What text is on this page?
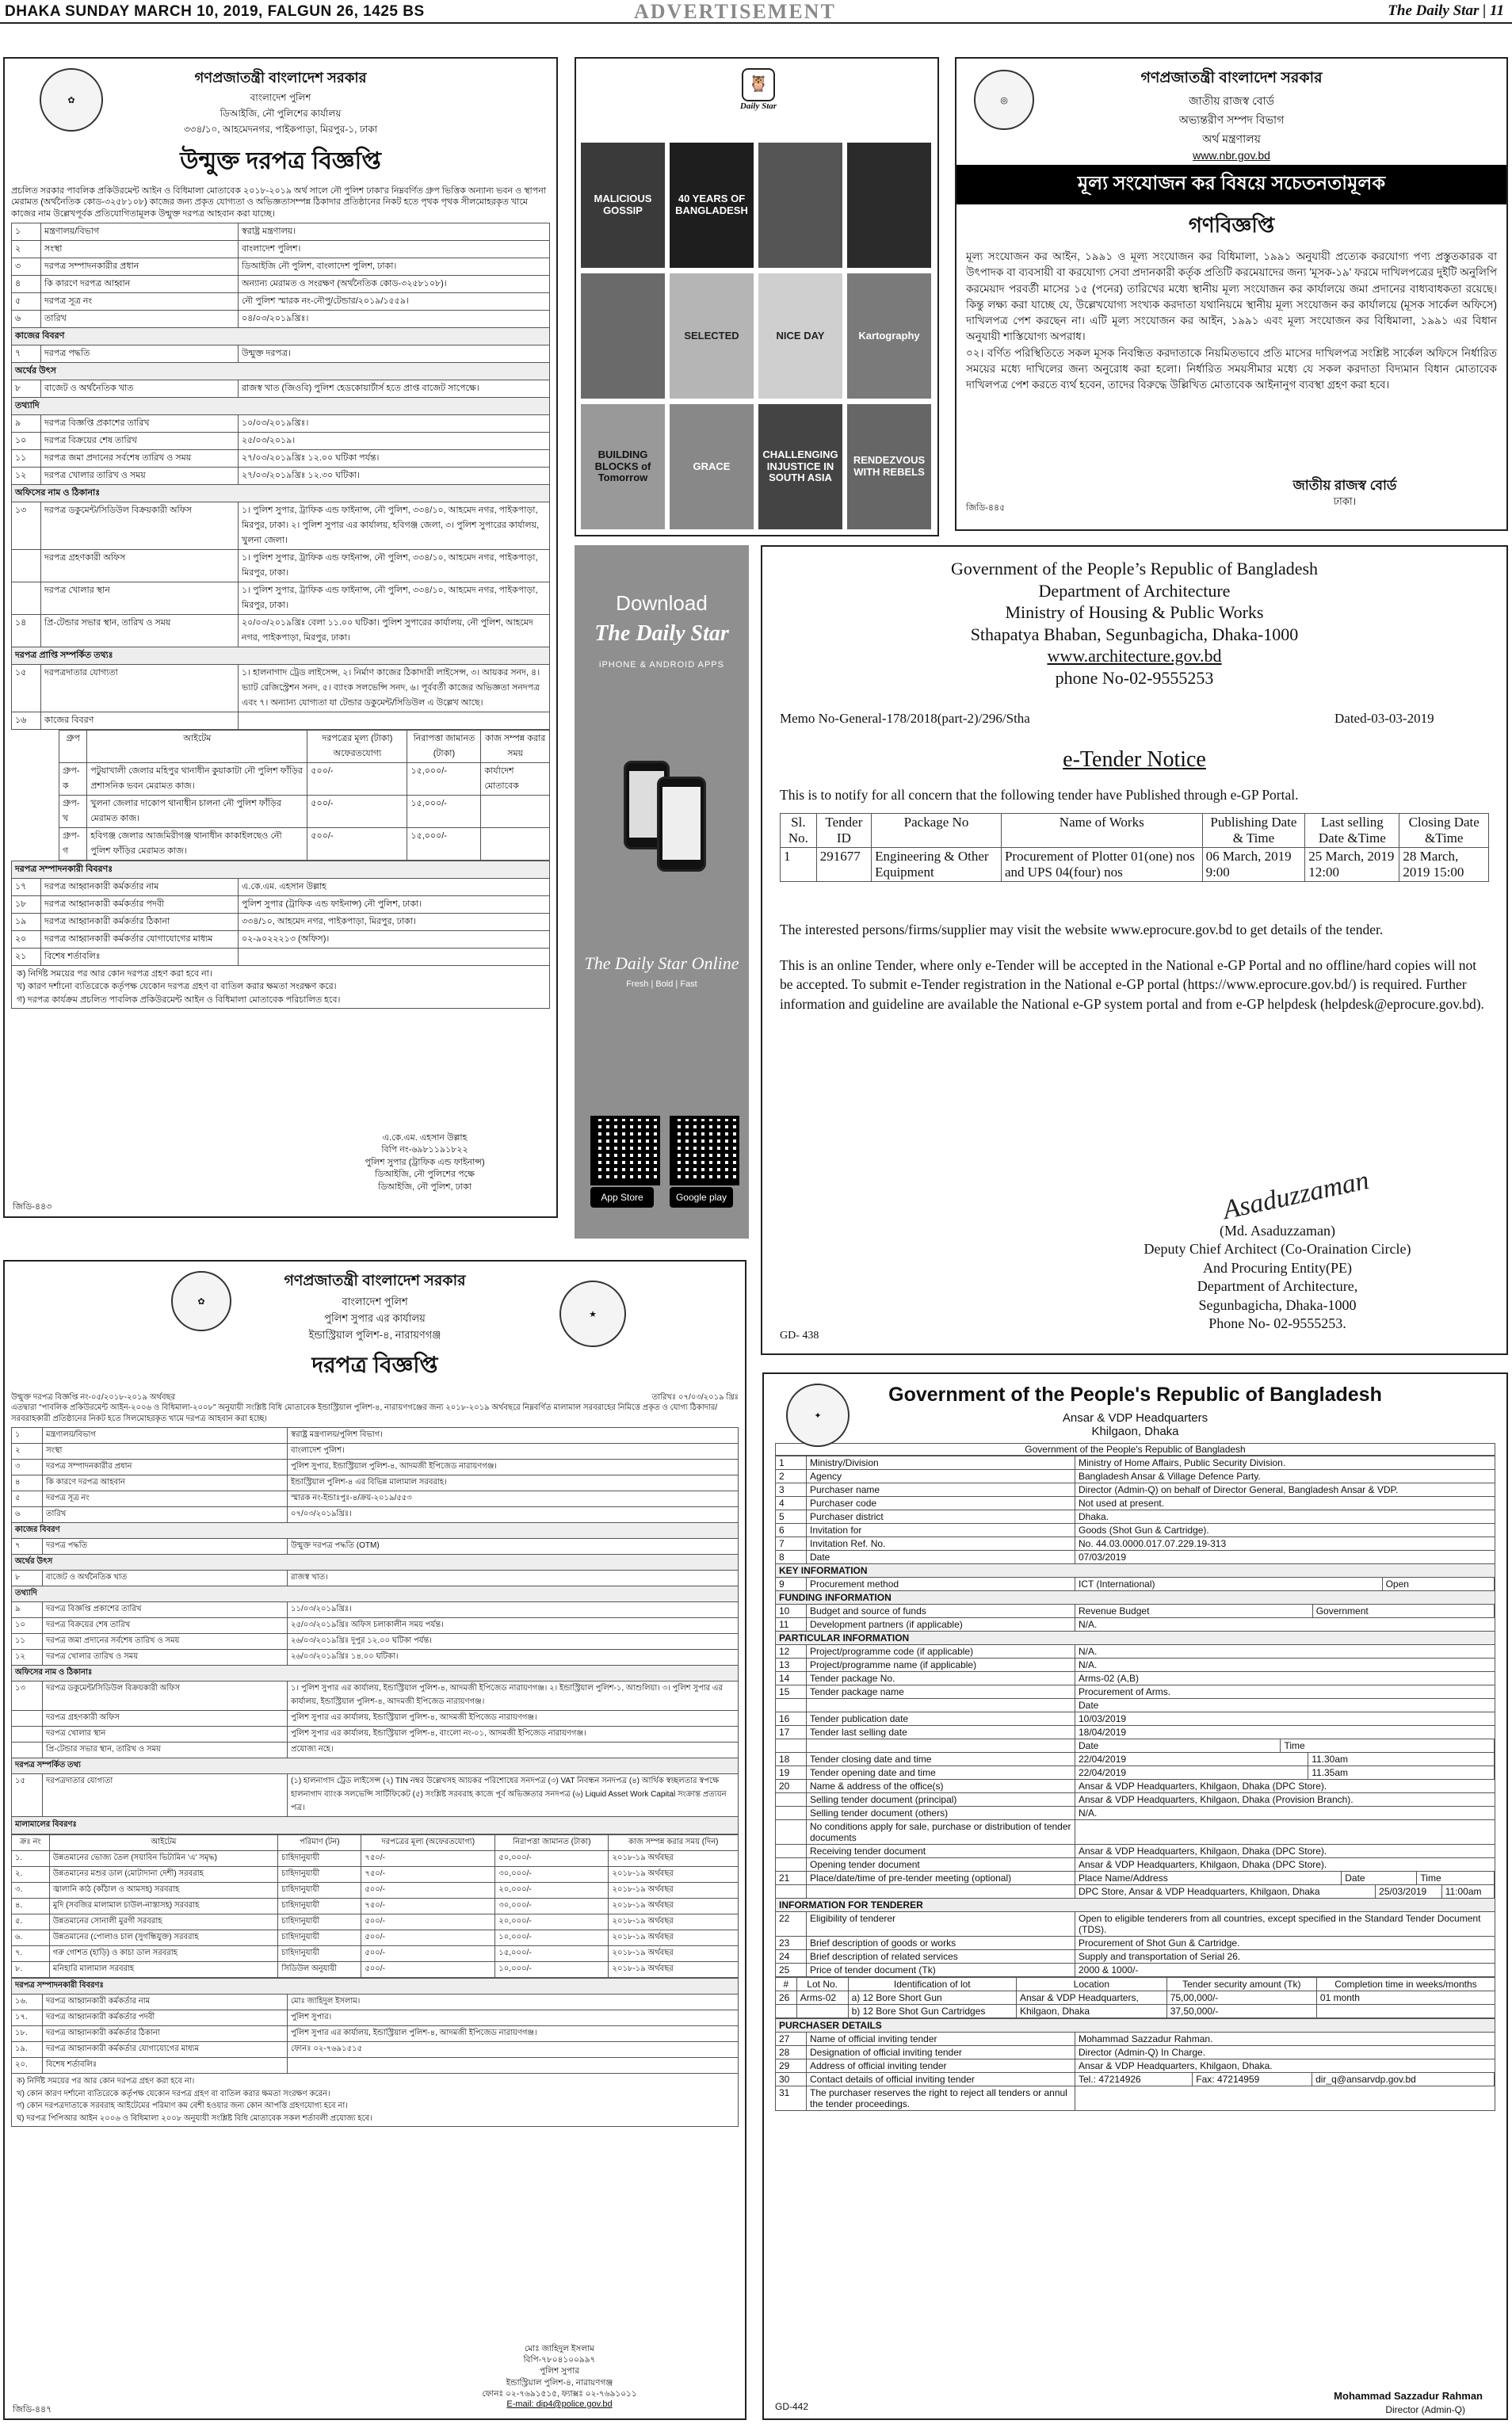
DHAKA SUNDAY MARCH 10, 2019, FALGUN 26, 1425 BS	ADVERTISEMENT	The Daily Star | 11
✿
গণপ্রজাতন্ত্রী বাংলাদেশ সরকার
বাংলাদেশ পুলিশ
ডিআইজি, নৌ পুলিশের কার্যালয়
৩৩৪/১০, আহমেদনগর, পাইকপাড়া, মিরপুর-১, ঢাকা
উন্মুক্ত দরপত্র বিজ্ঞপ্তি
প্রচলিত সরকার পাবলিক প্রকিউরমেন্ট আইন ও বিধিমালা মোতাবেক ২০১৮-২০১৯ অর্থ সালে নৌ পুলিশ ঢাকা'র নিম্নবর্ণিত গ্রুপ ভিত্তিক অন্যান্য ভবন ও স্থাপনা মেরামত (অর্থনৈতিক কোড-৩২৫৮১০৮) কাজের জন্য প্রকৃত যোগ্যতা ও অভিজ্ঞতাসম্পন্ন ঠিকাদার প্রতিষ্ঠানের নিকট হতে পৃথক পৃথক সীলমোহরকৃত খামে কাজের নাম উল্লেখপূর্বক প্রতিযোগিতামূলক উন্মুক্ত দরপত্র আহবান করা যাচ্ছে।
১	মন্ত্রণালয়/বিভাগ	স্বরাষ্ট্র মন্ত্রণালয়।
২	সংস্থা	বাংলাদেশ পুলিশ।
৩	দরপত্র সম্পাদনকারীর প্রধান	ডিআইজি নৌ পুলিশ, বাংলাদেশ পুলিশ, ঢাকা।
৪	কি কারণে দরপত্র আহ্বান	অন্যান্য মেরামত ও সংরক্ষণ (অর্থনৈতিক কোড-৩২৫৮১০৮)।
৫	দরপত্র সূত্র নং	নৌ পুলিশ স্মারক নং-নৌপু/টেন্ডার/২০১৯/১৫৫৯।
৬	তারিখ	০৪/০৩/২০১৯খ্রিঃ।
কাজের বিবরণ		
৭	দরপত্র পদ্ধতি	উন্মুক্ত দরপত্র।
অর্থের উৎস		
৮	বাজেট ও অর্থনৈতিক খাত	রাজস্ব খাত (জিওবি) পুলিশ হেডকোয়ার্টার্স হতে প্রাপ্ত বাজেট সাপেক্ষে।
তথ্যাদি		
৯	দরপত্র বিজ্ঞপ্তি প্রকাশের তারিখ	১০/০৩/২০১৯খ্রিঃ।
১০	দরপত্র বিক্রয়ের শেষ তারিখ	২৫/০৩/২০১৯।
১১	দরপত্র জমা প্রদানের সর্বশেষ তারিখ ও সময়	২৭/০৩/২০১৯খ্রিঃ ১২.০০ ঘটিকা পর্যন্ত।
১২	দরপত্র খোলার তারিখ ও সময়	২৭/০৩/২০১৯খ্রিঃ ১২.৩০ ঘটিকা।
অফিসের নাম ও ঠিকানাঃ		
১৩	দরপত্র ডকুমেন্ট/সিডিউল বিক্রয়কারী অফিস	১। পুলিশ সুপার, ট্রাফিক এন্ড ফাইনান্স, নৌ পুলিশ, ৩৩৪/১০, আহমেদ নগর, পাইকপাড়া, মিরপুর, ঢাকা। ২। পুলিশ সুপার এর কার্যালয়, হবিগঞ্জ জেলা, ৩। পুলিশ সুপারের কার্যালয়, খুলনা জেলা।
	দরপত্র গ্রহণকারী অফিস	১। পুলিশ সুপার, ট্রাফিক এন্ড ফাইনান্স, নৌ পুলিশ, ৩৩৪/১০, আহমেদ নগর, পাইকপাড়া, মিরপুর, ঢাকা।
	দরপত্র খোলার স্থান	১। পুলিশ সুপার, ট্রাফিক এন্ড ফাইনান্স, নৌ পুলিশ, ৩৩৪/১০, আহমেদ নগর, পাইকপাড়া, মিরপুর, ঢাকা।
১৪	প্রি-টেন্ডার সভার স্থান, তারিখ ও সময়	২০/০৩/২০১৯খ্রিঃ বেলা ১১.০০ ঘটিকা। পুলিশ সুপারের কার্যালয়, নৌ পুলিশ, আহমেদ নগর, পাইকপাড়া, মিরপুর, ঢাকা।
দরপত্র প্রাপ্তি সম্পর্কিত তথ্যঃ		
১৫	দরপত্রদাতার যোগ্যতা	১। হালনাগাদ ট্রেড লাইসেন্স, ২। নির্মাণ কাজের ঠিকাদারী লাইসেন্স, ৩। আয়কর সনদ, ৪। ভ্যাট রেজিস্ট্রেশন সনদ, ৫। ব্যাংক সলভেন্সি সনদ, ৬। পূর্ববর্তী কাজের অভিজ্ঞতা সনদপত্র এবং ৭। অন্যান্য যোগ্যতা যা টেন্ডার ডকুমেন্ট/সিডিউল এ উল্লেখ আছে।
১৬	কাজের বিবরণ	
গ্রুপ	আইটেম	দরপত্রের মূল্য (টাকা) অফেরতযোগ্য	নিরাপত্তা জামানত (টাকা)	কাজ সম্পন্ন করার সময়
গ্রুপ-ক	পটুয়াখালী জেলার মহিপুর থানাধীন কুয়াকাটা নৌ পুলিশ ফাঁড়ির প্রশাসনিক ভবন মেরামত কাজ।	৫০০/-	১৫,০০০/-	কার্যাদেশ মোতাবেক
গ্রুপ-খ	খুলনা জেলার দাকোপ থানাধীন চালনা নৌ পুলিশ ফাঁড়ির মেরামত কাজ।	৫০০/-	১৫,০০০/-	
গ্রুপ-গ	হবিগঞ্জ জেলার আজমিরীগঞ্জ থানাধীন কাকাইলছেও নৌ পুলিশ ফাঁড়ির মেরামত কাজ।	৫০০/-	১৫,০০০/-	
দরপত্র সম্পাদনকারী বিবরণঃ		
১৭	দরপত্র আহ্বানকারী কর্মকর্তার নাম	এ.কে.এম. এহসান উল্লাহ
১৮	দরপত্র আহ্বানকারী কর্মকর্তার পদবী	পুলিশ সুপার (ট্রাফিক এন্ড ফাইনান্স) নৌ পুলিশ, ঢাকা।
১৯	দরপত্র আহ্বানকারী কর্মকর্তার ঠিকানা	৩৩৪/১০, আহমেদ নগর, পাইকপাড়া, মিরপুর, ঢাকা।
২০	দরপত্র আহ্বানকারী কর্মকর্তার যোগাযোগের মাধ্যম	০২-৯০২২২১৩ (অফিস)।
২১	বিশেষ শর্তাবলিঃ	
ক) নির্দিষ্ট সময়ের পর আর কোন দরপত্র গ্রহণ করা হবে না।
খ) কারণ দর্শানো ব্যতিরেকে কর্তৃপক্ষ যেকোন দরপত্র গ্রহণ বা বাতিল করার ক্ষমতা সংরক্ষণ করে।
গ) দরপত্র কার্যক্রম প্রচলিত পাবলিক প্রকিউরমেন্ট আইন ও বিধিমালা মোতাবেক পরিচালিত হবে।
এ.কে.এম. এহসান উল্লাহ
বিপি নং-৬৯৮১১৯১৮২২
পুলিশ সুপার (ট্রাফিক এন্ড ফাইনান্স)
ডিআইজি, নৌ পুলিশের পক্ষে
ডিআইজি, নৌ পুলিশ, ঢাকা
জিডি-৪৪৩
🦉
Daily Star
MALICIOUS GOSSIP
40 YEARS OF BANGLADESH
SELECTED	NICE DAY	Kartography
BUILDING BLOCKS of Tomorrow
GRACE
CHALLENGING INJUSTICE IN SOUTH ASIA
RENDEZVOUS WITH REBELS
◎
গণপ্রজাতন্ত্রী বাংলাদেশ সরকার
জাতীয় রাজস্ব বোর্ড
অভ্যন্তরীণ সম্পদ বিভাগ
অর্থ মন্ত্রণালয়
www.nbr.gov.bd
মূল্য সংযোজন কর বিষয়ে সচেতনতামূলক
গণবিজ্ঞপ্তি
মূল্য সংযোজন কর আইন, ১৯৯১ ও মূল্য সংযোজন কর বিধিমালা, ১৯৯১ অনুযায়ী প্রত্যেক করযোগ্য পণ্য প্রস্তুতকারক বা উৎপাদক বা ব্যবসায়ী বা করযোগ্য সেবা প্রদানকারী কর্তৃক প্রতিটি করমেয়াদের জন্য 'মূসক-১৯' ফরমে দাখিলপত্রের দুইটি অনুলিপি করমেয়াদ পরবর্তী মাসের ১৫ (পনের) তারিখের মধ্যে স্থানীয় মূল্য সংযোজন কর কার্যালয়ে জমা প্রদানের বাধ্যবাধকতা রয়েছে। কিন্তু লক্ষ্য করা যাচ্ছে যে, উল্লেখযোগ্য সংখ্যক করদাতা যথানিয়মে স্থানীয় মূল্য সংযোজন কর কার্যালয়ে (মূসক সার্কেল অফিসে) দাখিলপত্র পেশ করছেন না। এটি মূল্য সংযোজন কর আইন, ১৯৯১ এবং মূল্য সংযোজন কর বিধিমালা, ১৯৯১ এর বিধান অনুযায়ী শাস্তিযোগ্য অপরাধ।
০২। বর্ণিত পরিস্থিতিতে সকল মূসক নিবন্ধিত করদাতাকে নিয়মিতভাবে প্রতি মাসের দাখিলপত্র সংশ্লিষ্ট সার্কেল অফিসে নির্ধারিত সময়ের মধ্যে দাখিলের জন্য অনুরোধ করা হলো। নির্ধারিত সময়সীমার মধ্যে যে সকল করদাতা বিদ্যমান বিধান মোতাবেক দাখিলপত্র পেশ করতে ব্যর্থ হবেন, তাদের বিরুদ্ধে উল্লিখিত মোতাবেক আইনানুগ ব্যবস্থা গ্রহণ করা হবে।
জাতীয় রাজস্ব বোর্ড
ঢাকা।
জিডি-৪৪৫
Download
The Daily Star
iPHONE & ANDROID APPS
The Daily Star Online
Fresh | Bold | Fast
App Store	Google play
Government of the People’s Republic of Bangladesh
Department of Architecture
Ministry of Housing & Public Works
Sthapatya Bhaban, Segunbagicha, Dhaka-1000
www.architecture.gov.bd
phone No-02-9555253
Memo No-General-178/2018(part-2)/296/Stha	Dated-03-03-2019
e-Tender Notice
This is to notify for all concern that the following tender have Published through e-GP Portal.
Sl. No.	Tender ID	Package No	Name of Works	Publishing Date & Time	Last selling Date &Time	Closing Date &Time
1	291677	Engineering & Other Equipment	Procurement of Plotter 01(one) nos and UPS 04(four) nos	06 March, 2019 9:00	25 March, 2019 12:00	28 March, 2019 15:00
The interested persons/firms/supplier may visit the website www.eprocure.gov.bd to get details of the tender.
This is an online Tender, where only e-Tender will be accepted in the National e-GP Portal and no offline/hard copies will not be accepted. To submit e-Tender registration in the National e-GP portal (https://www.eprocure.gov.bd/) is required. Further information and guideline are available the National e-GP system portal and from e-GP helpdesk (helpdesk@eprocure.gov.bd).
Asaduzzaman
(Md. Asaduzzaman)
Deputy Chief Architect (Co-Oraination Circle)
And Procuring Entity(PE)
Department of Architecture,
Segunbagicha, Dhaka-1000
Phone No- 02-9555253.
GD- 438
✿
★
গণপ্রজাতন্ত্রী বাংলাদেশ সরকার
বাংলাদেশ পুলিশ
পুলিশ সুপার এর কার্যালয়
ইন্ডাস্ট্রিয়াল পুলিশ-৪, নারায়ণগঞ্জ
দরপত্র বিজ্ঞপ্তি
উন্মুক্ত দরপত্র বিজ্ঞপ্তি নং-০৫/২০১৮-২০১৯ অর্থবছর	তারিখঃ ০৭/০৩/২০১৯ খ্রিঃ
এতদ্বারা "পাবলিক প্রকিউরমেন্ট আইন-২০০৬ ও বিধিমালা-২০০৮" অনুযায়ী সংশ্লিষ্ট বিধি মোতাবেক ইন্ডাস্ট্রিয়াল পুলিশ-৪, নারায়ণগঞ্জের জন্য ২০১৮-২০১৯ অর্থবছরে নিম্নবর্ণিত মালামাল সরবরাহের নিমিত্তে প্রকৃত ও যোগ্য ঠিকাদার/সরবরাহকারী প্রতিষ্ঠানের নিকট হতে সিলমোহরকৃত খামে দরপত্র আহবান করা হচ্ছে।
১	মন্ত্রণালয়/বিভাগ	স্বরাষ্ট্র মন্ত্রণালয়/পুলিশ বিভাগ।
২	সংস্থা	বাংলাদেশ পুলিশ।
৩	দরপত্র সম্পাদনকারীর প্রধান	পুলিশ সুপার, ইন্ডাস্ট্রিয়াল পুলিশ-৪, আদমজী ইপিজেড নারায়ণগঞ্জ।
৪	কি কারণে দরপত্র আহবান	ইন্ডাস্ট্রিয়াল পুলিশ-৪ এর বিভিন্ন মালামাল সরবরাহ।
৫	দরপত্র সূত্র নং	স্মারক নং-ইন্ডাঃপুঃ-৪/ক্রয়-২০১৯/৫৫৩
৬	তারিখ	০৭/০৩/২০১৯খ্রিঃ।
কাজের বিবরণ		
৭	দরপত্র পদ্ধতি	উন্মুক্ত দরপত্র পদ্ধতি (OTM)
অর্থের উৎস		
৮	বাজেট ও অর্থনৈতিক খাত	রাজস্ব খাত।
তথ্যাদি		
৯	দরপত্র বিজ্ঞপ্তি প্রকাশের তারিখ	১১/০৩/২০১৯খ্রিঃ।
১০	দরপত্র বিক্রয়ের শেষ তারিখ	২৫/০৩/২০১৯খ্রিঃ অফিস চলাকালীন সময় পর্যন্ত।
১১	দরপত্র জমা প্রদানের সর্বশেষ তারিখ ও সময়	২৬/০৩/২০১৯খ্রিঃ দুপুর ১২.০০ ঘটিকা পর্যন্ত।
১২	দরপত্র খোলার তারিখ ও সময়	২৬/০৩/২০১৯খ্রিঃ ১৪.০০ ঘটিকা।
অফিসের নাম ও ঠিকানাঃ		
১৩	দরপত্র ডকুমেন্ট/সিডিউল বিক্রয়কারী অফিস	১। পুলিশ সুপার এর কার্যালয়, ইন্ডাস্ট্রিয়াল পুলিশ-৪, আদমজী ইপিজেড নারায়ণগঞ্জ। ২। ইন্ডাস্ট্রিয়াল পুলিশ-১, আশুলিয়া। ৩। পুলিশ সুপার এর কার্যালয়, ইন্ডাস্ট্রিয়াল পুলিশ-৪, আদমজী ইপিজেড নারায়ণগঞ্জ।
	দরপত্র গ্রহণকারী অফিস	পুলিশ সুপার এর কার্যালয়, ইন্ডাস্ট্রিয়াল পুলিশ-৪, আদমজী ইপিজেড নারায়ণগঞ্জ।
	দরপত্র খোলার স্থান	পুলিশ সুপার এর কার্যালয়, ইন্ডাস্ট্রিয়াল পুলিশ-৪, বাংলো নং-০১, আদমজী ইপিজেড নারায়ণগঞ্জ।
	প্রি-টেন্ডার সভার স্থান, তারিখ ও সময়	প্রযোজ্য নহে।
দরপত্র সম্পর্কিত তথ্য		
১৫	দরপত্রদাতার যোগ্যতা	(১) হালনাগাদ ট্রেড লাইসেন্স (২) TIN নম্বর উল্লেখসহ আয়কর পরিশোধের সনদপত্র (৩) VAT নিবন্ধন সনদপত্র (৪) আর্থিক স্বচ্ছলতার স্বপক্ষে হালনাগাদ ব্যাংক সলভেন্সি সার্টিফিকেট (৫) সংশ্লিষ্ট সরবরাহ কাজে পূর্ব অভিজ্ঞতার সনদপত্র (৬) Liquid Asset Work Capital সংক্রান্ত প্রত্যয়ন পত্র।
মালামালের বিবরণঃ
ক্রঃ নং	আইটেম	পরিমাণ (টন)	দরপত্রের মূল্য (অফেরতযোগ্য)	নিরাপত্তা জামানত (টাকা)	কাজ সম্পন্ন করার সময় (দিন)
১.	উন্নতমানের ভোজ্য তৈল (সয়াবিন ভিটামিন 'এ' সমৃদ্ধ)	চাহিদানুযায়ী	৭৫০/-	৫০,০০০/-	২০১৮-১৯ অর্থবছর
২.	উন্নতমানের মশুর ডাল (মোটাদানা দেশী) সরবরাহ	চাহিদানুযায়ী	৭৫০/-	৩০,০০০/-	২০১৮-১৯ অর্থবছর
৩.	জ্বালানি কাঠ (কাঁঠাল ও আমসহ) সরবরাহ	চাহিদানুযায়ী	৫০০/-	২০,০০০/-	২০১৮-১৯ অর্থবছর
৪.	মুদি (সবজির মালামাল চাউল-নাস্তাসহ) সরবরাহ	চাহিদানুযায়ী	৭৫০/-	৩০,০০০/-	২০১৮-১৯ অর্থবছর
৫.	উন্নতমানের সোনালী মুরগী সরবরাহ	চাহিদানুযায়ী	৫০০/-	২০,০০০/-	২০১৮-১৯ অর্থবছর
৬.	উন্নতমানের (পোলাও চাল (সুগন্ধিযুক্ত) সরবরাহ	চাহিদানুযায়ী	৫০০/-	১০,০০০/-	২০১৮-১৯ অর্থবছর
৭.	গরু গোশত (হাড়ি) ও কাচা ডাল সরবরাহ	চাহিদানুযায়ী	৫০০/-	১৫,০০০/-	২০১৮-১৯ অর্থবছর
৮.	মনিহারি মালামাল সরবরাহ	সিডিউল অনুযায়ী	৫০০/-	১০,০০০/-	২০১৮-১৯ অর্থবছর
দরপত্র সম্পাদনকারী বিবরণঃ		
১৬.	দরপত্র আহ্বানকারী কর্মকর্তার নাম	মোঃ জাহিদুল ইসলাম।
১৭.	দরপত্র আহ্বানকারী কর্মকর্তার পদবী	পুলিশ সুপার।
১৮.	দরপত্র আহ্বানকারী কর্মকর্তার ঠিকানা	পুলিশ সুপার এর কার্যালয়, ইন্ডাস্ট্রিয়াল পুলিশ-৪, আদমজী ইপিজেড নারায়ণগঞ্জ।
১৯.	দরপত্র আহ্বানকারী কর্মকর্তার যোগাযোগের মাধ্যম	ফোনঃ ০২-৭৬৯১৫১৫
২০.	বিশেষ শর্তাবলিঃ	
ক) নির্দিষ্ট সময়ের পর আর কোন দরপত্র গ্রহণ করা হবে না।
খ) কোন কারণ দর্শানো ব্যতিরেকে কর্তৃপক্ষ যেকোন দরপত্র গ্রহণ বা বাতিল করার ক্ষমতা সংরক্ষণ করেন।
গ) কোন দরপত্রদাতাকে সরবরাহ আইটেমের পরিমাণ কম বেশী হওয়ার জন্য কোন আপত্তি গ্রহণযোগ্য হবে না।
ঘ) দরপত্র পিপিআর আইন ২০০৬ ও বিধিমালা ২০০৮ অনুযায়ী সংশ্লিষ্ট বিধি মোতাবেক সকল শর্তাবলী প্রযোজ্য হবে।
মোঃ জাহিদুল ইসলাম
বিপি-৭৮০৪১০০৯৯৭
পুলিশ সুপার
ইন্ডাস্ট্রিয়াল পুলিশ-৪, নারায়ণগঞ্জ
ফোনঃ ০২-৭৬৯১৫১৫, ফ্যাক্সঃ ০২-৭৬৯১০১১
E-mail: dip4@police.gov.bd
জিডি-৪৪৭
✦
Government of the People's Republic of Bangladesh
Ansar & VDP Headquarters
Khilgaon, Dhaka
Government of the People's Republic of Bangladesh
1	Ministry/Division	Ministry of Home Affairs, Public Security Division.
2	Agency	Bangladesh Ansar & Village Defence Party.
3	Purchaser name	Director (Admin-Q) on behalf of Director General, Bangladesh Ansar & VDP.
4	Purchaser code	Not used at present.
5	Purchaser district	Dhaka.
6	Invitation for	Goods (Shot Gun & Cartridge).
7	Invitation Ref. No.	No. 44.03.0000.017.07.229.19-313
8	Date	07/03/2019
KEY INFORMATION
9	Procurement method		ICT (International)	Open

FUNDING INFORMATION
10	Budget and source of funds		Revenue Budget	Government

11	Development partners (if applicable)	N/A.
PARTICULAR INFORMATION
12	Project/programme code (if applicable)	N/A.
13	Project/programme name (if applicable)	N/A.
14	Tender package No.	Arms-02 (A,B)
15	Tender package name	Procurement of Arms.
		Date
16	Tender publication date	10/03/2019
17	Tender last selling date	18/04/2019

Date	Time

18	Tender closing date and time		22/04/2019	11.30am

19	Tender opening date and time		22/04/2019	11.35am

20	Name & address of the office(s)	Ansar & VDP Headquarters, Khilgaon, Dhaka (DPC Store).
	Selling tender document (principal)	Ansar & VDP Headquarters, Khilgaon, Dhaka (Provision Branch).
	Selling tender document (others)	N/A.
	No conditions apply for sale, purchase or distribution of tender documents	
	Receiving tender document	Ansar & VDP Headquarters, Khilgaon, Dhaka (DPC Store).
	Opening tender document	Ansar & VDP Headquarters, Khilgaon, Dhaka (DPC Store).
21	Place/date/time of pre-tender meeting (optional)		Place Name/Address	Date	Time

DPC Store, Ansar & VDP Headquarters, Khilgaon, Dhaka	25/03/2019	11:00am

INFORMATION FOR TENDERER
22	Eligibility of tenderer	Open to eligible tenderers from all countries, except specified in the Standard Tender Document (TDS).
23	Brief description of goods or works	Procurement of Shot Gun & Cartridge.
24	Brief description of related services	Supply and transportation of Serial 26.
25	Price of tender document (Tk)	2000 & 1000/-
#	Lot No.	Identification of lot	Location	Tender security amount (Tk)	Completion time in weeks/months
26	Arms-02	a) 12 Bore Short Gun	Ansar & VDP Headquarters,	75,00,000/-	01 month
		b) 12 Bore Shot Gun Cartridges	Khilgaon, Dhaka	37,50,000/-	
PURCHASER DETAILS
27	Name of official inviting tender	Mohammad Sazzadur Rahman.
28	Designation of official inviting tender	Director (Admin-Q) In Charge.
29	Address of official inviting tender	Ansar & VDP Headquarters, Khilgaon, Dhaka.
30	Contact details of official inviting tender		Tel.: 47214926	Fax: 47214959	dir_q@ansarvdp.gov.bd

31	The purchaser reserves the right to reject all tenders or annul the tender proceedings.	
Mohammad Sazzadur Rahman
Director (Admin-Q)
GD-442
